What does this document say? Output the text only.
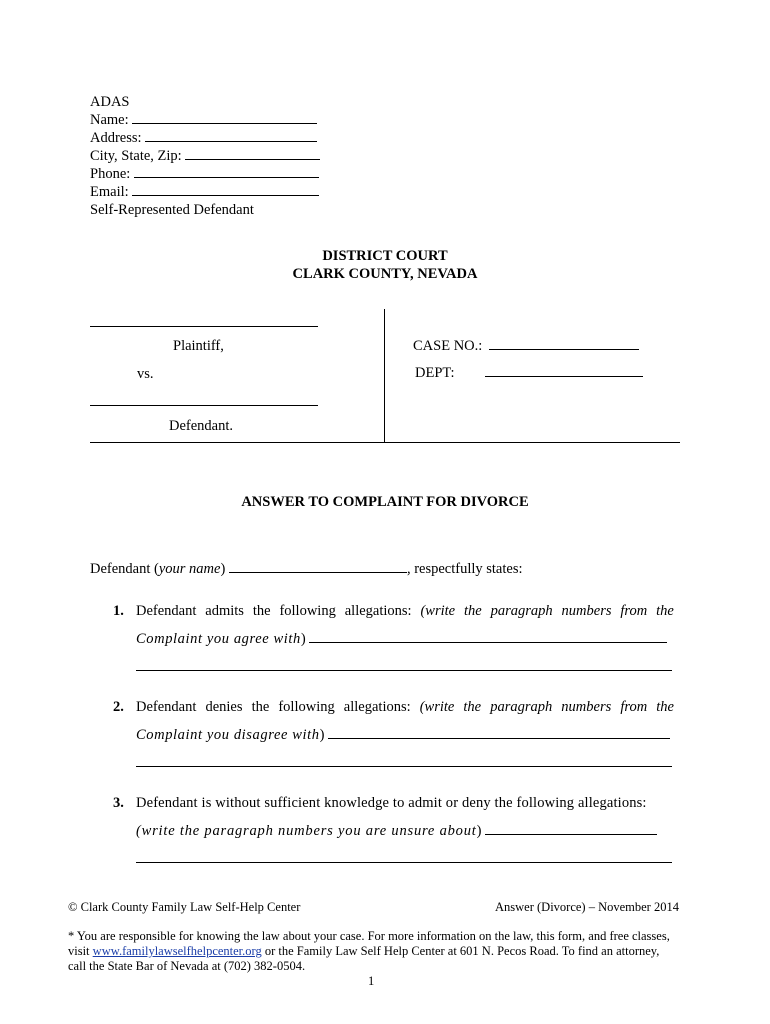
ADAS
Name:
Address:
City, State, Zip:
Phone:
Email:
Self-Represented Defendant
DISTRICT COURT
CLARK COUNTY, NEVADA
Plaintiff,
vs.
Defendant.
CASE NO.:
DEPT:
ANSWER TO COMPLAINT FOR DIVORCE
Defendant (your name)	, respectfully states:
1. Defendant admits the following allegations: (write the paragraph numbers from the
Complaint you agree with)
2. Defendant denies the following allegations: (write the paragraph numbers from the
Complaint you disagree with)
3. Defendant is without sufficient knowledge to admit or deny the following allegations:
(write the paragraph numbers you are unsure about)
© Clark County Family Law Self-Help Center	Answer (Divorce) – November 2014
* You are responsible for knowing the law about your case. For more information on the law, this form, and free classes,
visit www.familylawselfhelpcenter.org or the Family Law Self Help Center at 601 N. Pecos Road. To find an attorney,
call the State Bar of Nevada at (702) 382-0504.
1
